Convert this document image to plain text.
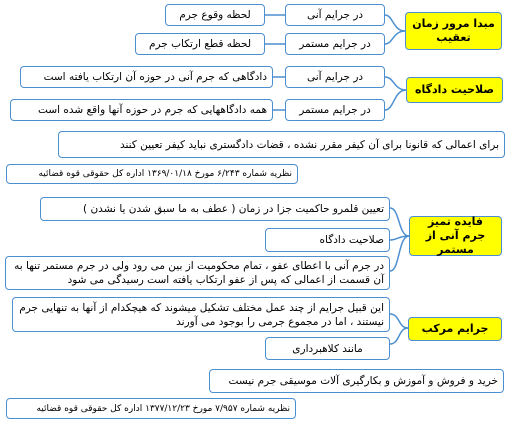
مبدا مرور زمان تعقیب
در جرایم آنی
لحظه وقوع جرم
در جرایم مستمر
لحظه قطع ارتکاب جرم
صلاحیت دادگاه
در جرایم آنی
دادگاهی که جرم آنی در حوزه آن ارتکاب یافته است
در جرایم مستمر
همه دادگاههایی که جرم در حوزه آنها واقع شده است
برای اعمالی که قانونا برای آن کیفر مقرر نشده ، قضات دادگستری نباید کیفر تعیین کنند
نظریه شماره ۶/۲۴۳ مورخ ۱۳۶۹/۰۱/۱۸ اداره کل حقوقی قوه قضائیه
فایده تمیز جرم آنی از مستمر
تعیین قلمرو حاکمیت جزا در زمان ( عطف به ما سبق شدن یا نشدن )
صلاحیت دادگاه
در جرم آنی با اعطای عفو ، تمام محکومیت از بین می رود ولی در جرم مستمر تنها به آن قسمت از اعمالی که پس از عفو ارتکاب یافته است رسیدگی می شود
جرایم مرکب
این قبیل جرایم از چند عمل مختلف تشکیل میشوند که هیچکدام از آنها به تنهایی جرم نیستند ، اما در مجموع جرمی را بوجود می آورند
مانند کلاهبرداری
خرید و فروش و آموزش و بکارگیری آلات موسیقی جرم نیست
نظریه شماره ۷/۹۵۷ مورخ ۱۳۷۷/۱۲/۲۳ اداره کل حقوقی قوه قضائیه
